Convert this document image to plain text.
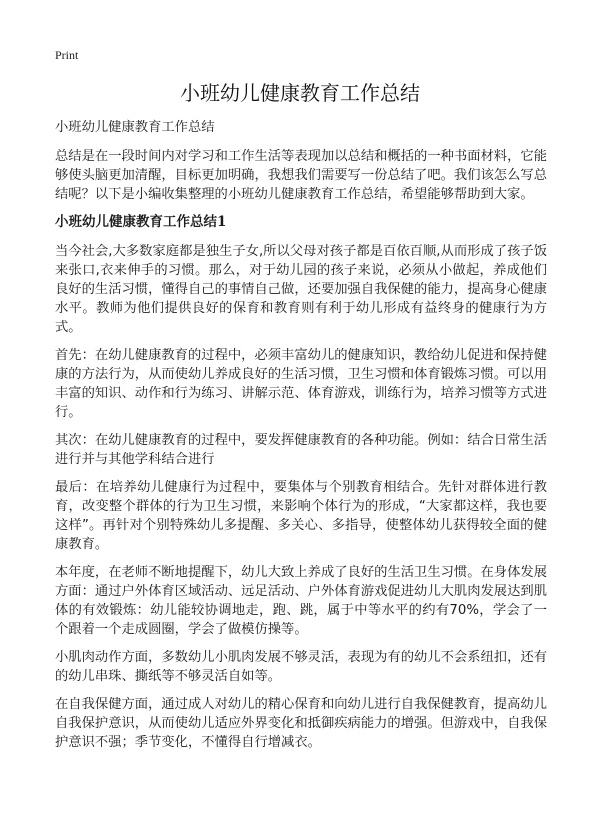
Print
小班幼儿健康教育工作总结
小班幼儿健康教育工作总结

总结是在一段时间内对学习和工作生活等表现加以总结和概括的一种书面材料，它能够使头脑更加清醒，目标更加明确，我想我们需要写一份总结了吧。我们该怎么写总结呢？以下是小编收集整理的小班幼儿健康教育工作总结，希望能够帮助到大家。

小班幼儿健康教育工作总结1

当今社会,大多数家庭都是独生子女,所以父母对孩子都是百依百顺,从而形成了孩子饭来张口,衣来伸手的习惯。那么，对于幼儿园的孩子来说，必须从小做起，养成他们良好的生活习惯，懂得自己的事情自己做，还要加强自我保健的能力，提高身心健康水平。教师为他们提供良好的保育和教育则有利于幼儿形成有益终身的健康行为方式。

首先：在幼儿健康教育的过程中，必须丰富幼儿的健康知识，教给幼儿促进和保持健康的方法行为，从而使幼儿养成良好的生活习惯，卫生习惯和体育锻炼习惯。可以用丰富的知识、动作和行为练习、讲解示范、体育游戏，训练行为，培养习惯等方式进行。

其次：在幼儿健康教育的过程中，要发挥健康教育的各种功能。例如：结合日常生活进行并与其他学科结合进行

最后：在培养幼儿健康行为过程中，要集体与个别教育相结合。先针对群体进行教育，改变整个群体的行为卫生习惯，来影响个体行为的形成，“大家都这样，我也要这样”。再针对个别特殊幼儿多提醒、多关心、多指导，使整体幼儿获得较全面的健康教育。

本年度，在老师不断地提醒下，幼儿大致上养成了良好的生活卫生习惯。在身体发展方面：通过户外体育区域活动、远足活动、户外体育游戏促进幼儿大肌肉发展达到肌体的有效锻炼：幼儿能较协调地走，跑、跳，属于中等水平的约有70%，学会了一个跟着一个走成圆圈，学会了做模仿操等。

小肌肉动作方面，多数幼儿小肌肉发展不够灵活，表现为有的幼儿不会系纽扣，还有的幼儿串珠、撕纸等不够灵活自如等。

在自我保健方面，通过成人对幼儿的精心保育和向幼儿进行自我保健教育，提高幼儿自我保护意识，从而使幼儿适应外界变化和抵御疾病能力的增强。但游戏中，自我保护意识不强；季节变化，不懂得自行增减衣。
